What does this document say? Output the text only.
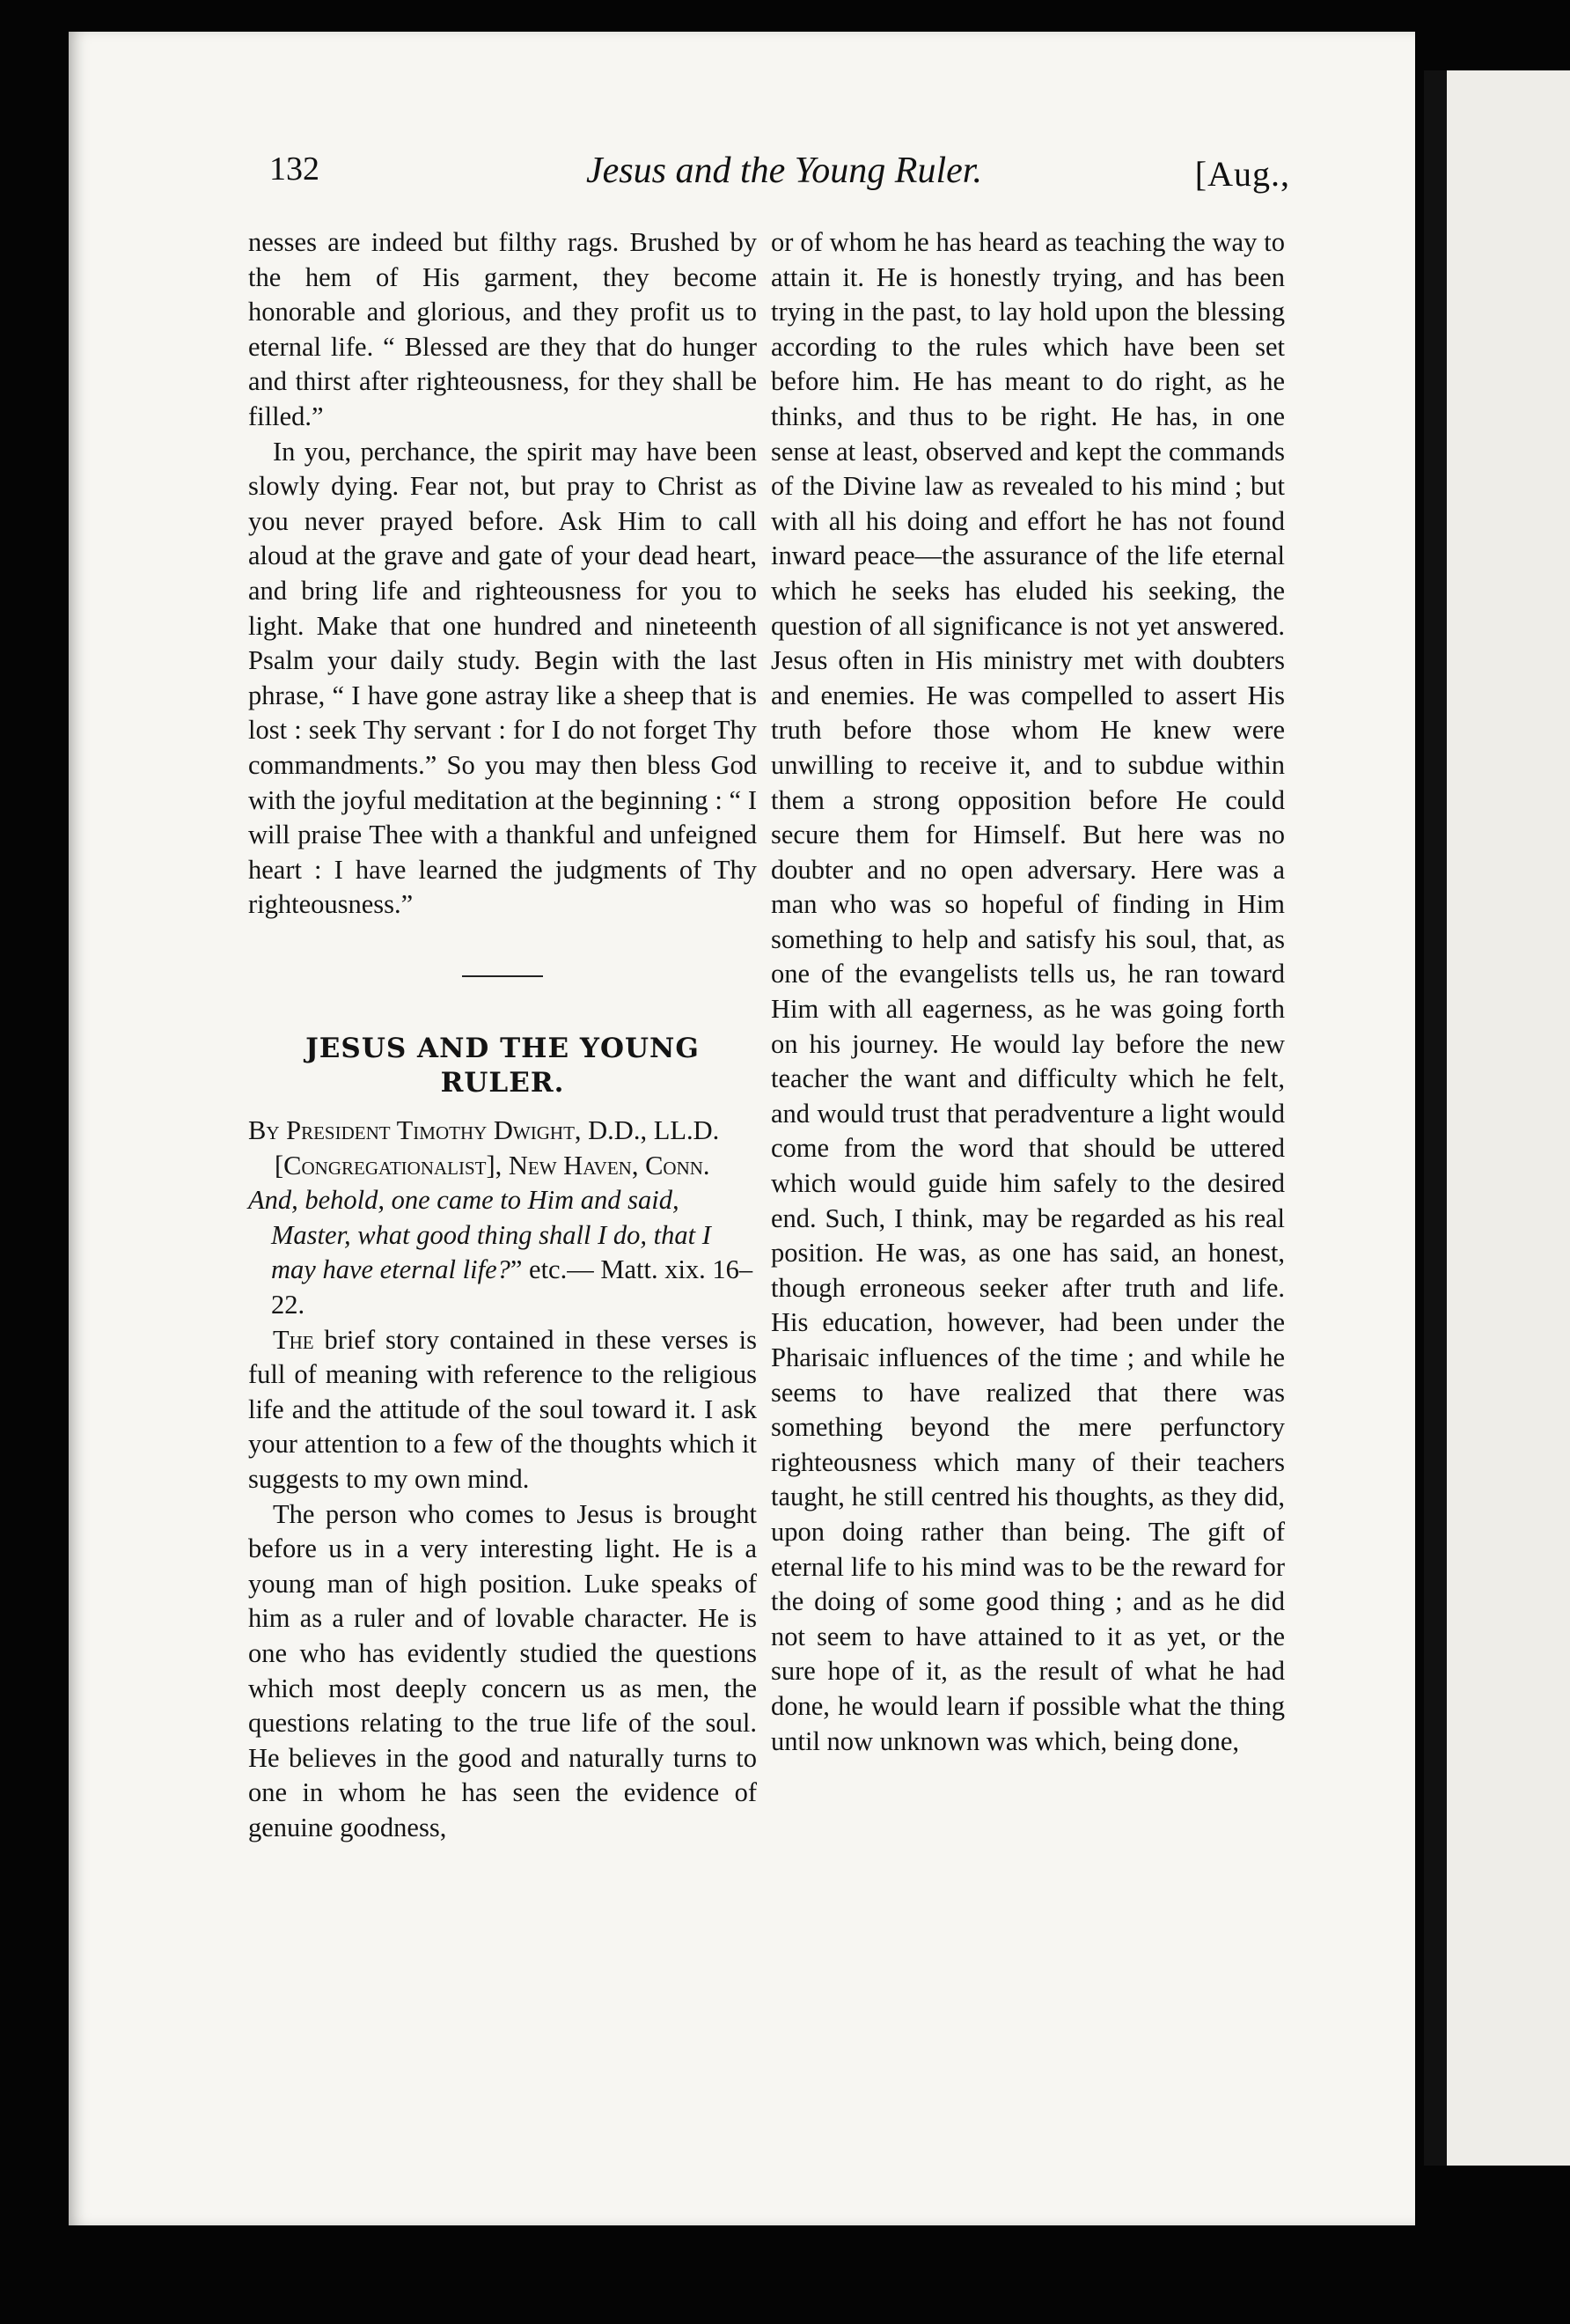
132	Jesus and the Young Ruler.	[Aug.,

nesses are indeed but filthy rags. Brushed by the hem of His garment, they become honorable and glorious, and they profit us to eternal life. “ Blessed are they that do hunger and thirst after righteousness, for they shall be filled.”

In you, perchance, the spirit may have been slowly dying. Fear not, but pray to Christ as you never prayed before. Ask Him to call aloud at the grave and gate of your dead heart, and bring life and righteousness for you to light. Make that one hundred and nineteenth Psalm your daily study. Begin with the last phrase, “ I have gone astray like a sheep that is lost : seek Thy servant : for I do not forget Thy commandments.” So you may then bless God with the joyful meditation at the beginning : “ I will praise Thee with a thankful and unfeigned heart : I have learned the judgments of Thy righteousness.”

JESUS AND THE YOUNG RULER.

By President Timothy Dwight, D.D., LL.D. [Congregationalist], New Haven, Conn.

And, behold, one came to Him and said, Master, what good thing shall I do, that I may have eternal life?” etc.— Matt. xix. 16–22.

The brief story contained in these verses is full of meaning with reference to the religious life and the attitude of the soul toward it. I ask your attention to a few of the thoughts which it suggests to my own mind.

The person who comes to Jesus is brought before us in a very interesting light. He is a young man of high position. Luke speaks of him as a ruler and of lovable character. He is one who has evidently studied the questions which most deeply concern us as men, the questions relating to the true life of the soul. He believes in the good and naturally turns to one in whom he has seen the evidence of genuine goodness,

or of whom he has heard as teaching the way to attain it. He is honestly trying, and has been trying in the past, to lay hold upon the blessing according to the rules which have been set before him. He has meant to do right, as he thinks, and thus to be right. He has, in one sense at least, observed and kept the commands of the Divine law as revealed to his mind ; but with all his doing and effort he has not found inward peace—the assurance of the life eternal which he seeks has eluded his seeking, the question of all significance is not yet answered. Jesus often in His ministry met with doubters and enemies. He was compelled to assert His truth before those whom He knew were unwilling to receive it, and to subdue within them a strong opposition before He could secure them for Himself. But here was no doubter and no open adversary. Here was a man who was so hopeful of finding in Him something to help and satisfy his soul, that, as one of the evangelists tells us, he ran toward Him with all eagerness, as he was going forth on his journey. He would lay before the new teacher the want and difficulty which he felt, and would trust that peradventure a light would come from the word that should be uttered which would guide him safely to the desired end. Such, I think, may be regarded as his real position. He was, as one has said, an honest, though erroneous seeker after truth and life. His education, however, had been under the Pharisaic influences of the time ; and while he seems to have realized that there was something beyond the mere perfunctory righteousness which many of their teachers taught, he still centred his thoughts, as they did, upon doing rather than being. The gift of eternal life to his mind was to be the reward for the doing of some good thing ; and as he did not seem to have attained to it as yet, or the sure hope of it, as the result of what he had done, he would learn if possible what the thing until now unknown was which, being done,
